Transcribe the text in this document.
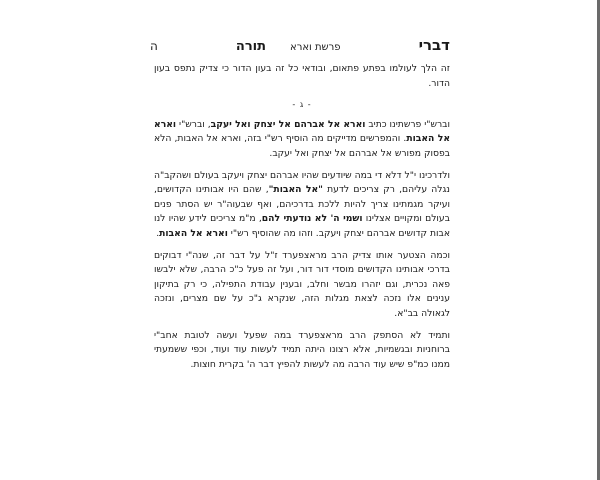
דברי
פרשת וארא
תורה
ה

זה הלך לעולמו בפתע פתאום, ובודאי כל זה בעון הדור כי צדיק נתפס בעון הדור.

- ג -

וברש"י פרשתינו כתיב וארא אל אברהם אל יצחק ואל יעקב, וברש"י וארא אל האבות. והמפרשים מדייקים מה הוסיף רש"י בזה, וארא אל האבות, הלא בפסוק מפורש אל אברהם אל יצחק ואל יעקב.

ולדרכינו י"ל דלא די במה שיודעים שהיו אברהם יצחק ויעקב בעולם ושהקב"ה נגלה עליהם, רק צריכים לדעת "אל האבות", שהם היו אבותינו הקדושים, ועיקר מגמתינו צריך להיות ללכת בדרכיהם, ואף שבעוה"ר יש הסתר פנים בעולם ומקויים אצלינו ושמי ה' לא נודעתי להם, מ"מ צריכים לידע שהיו לנו אבות קדושים אברהם יצחק ויעקב. וזהו מה שהוסיף רש"י וארא אל האבות.

וכמה הצטער אותו צדיק הרב מראצפערד ז"ל על דבר זה, שנה"י דבוקים בדרכי אבותינו הקדושים מוסדי דור דור, ועל זה פעל כ"כ הרבה, שלא ילבשו פאה נכרית, וגם יזהרו מבשר וחלב, ובענין עבודת התפילה, כי רק בתיקון ענינים אלו נזכה לצאת מגלות הזה, שנקרא ג"כ על שם מצרים, ונזכה לגאולה בב"א.

ותמיד לא הסתפק הרב מראצפערד במה שפעל ועשה לטובת אחב"י ברוחניות ובגשמיות, אלא רצונו היתה תמיד לעשות עוד ועוד, וכפי ששמעתי ממנו כמ"פ שיש עוד הרבה מה לעשות להפיץ דבר ה' בקרית חוצות.
